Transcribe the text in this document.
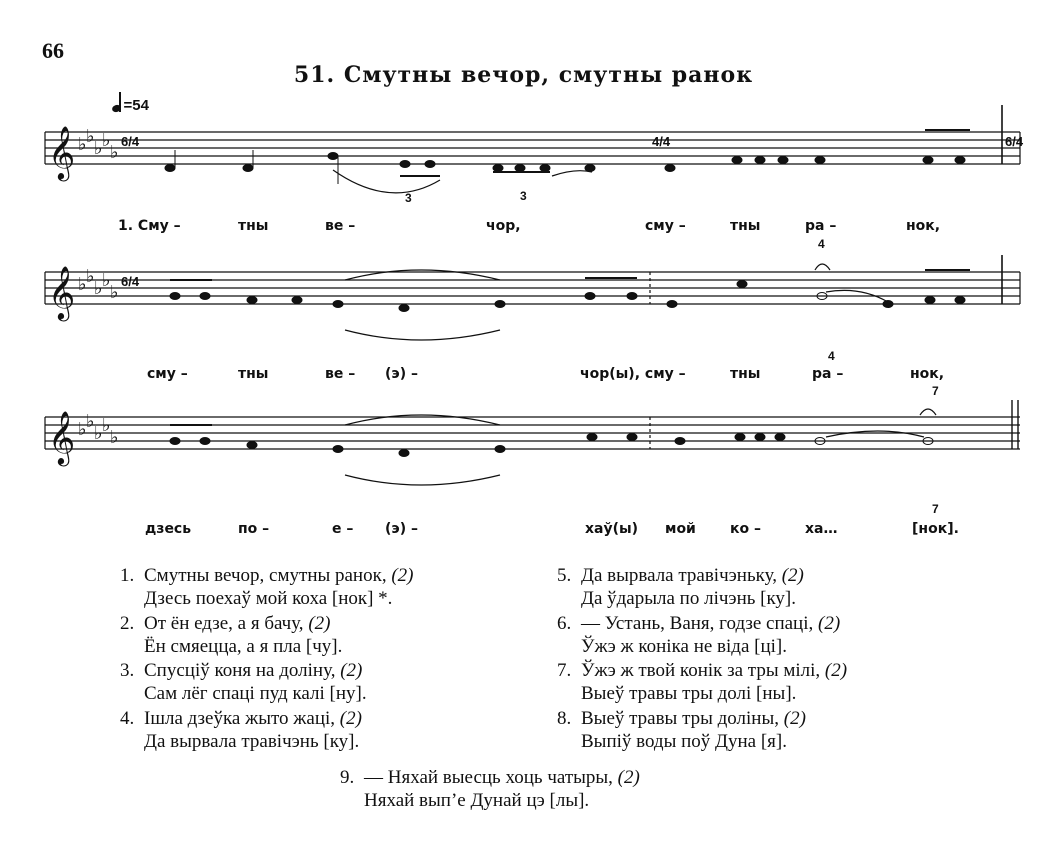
66
51. Смутны вечор, смутны ранок
=54
𝄞 ♭ ♭
♭ ♭
♭
6/4	4/4	6/4
3	3
𝄞 ♭ ♭
♭ ♭
♭
6/4
4
4
𝄞 ♭ ♭
♭ ♭
♭
7
7
1. Сму –	тны	ве –	чор,	сму –	тны	ра –	нок,
сму –	тны	ве – (э) –	чор(ы), сму –	тны	ра –	нок,
дзесь	по –	е – (э) –	хаў(ы) мой ко –	ха…	[нок].
1. Смутны вечор, смутны ранок, (2)
Дзесь поехаў мой коха [нок] *.
2. От ён едзе, а я бачу, (2)
Ён смяецца, а я пла [чу].
3. Спусціў коня на доліну, (2)
Сам лёг спаці пуд калі [ну].
4. Ішла дзеўка жыто жаці, (2)
Да вырвала травічэнь [ку].
5. Да вырвала травічэньку, (2)
Да ўдарыла по лічэнь [ку].
6. — Устань, Ваня, годзе спаці, (2)
Ўжэ ж коніка не віда [ці].
7. Ўжэ ж твой конік за тры мілі, (2)
Выеў травы тры долі [ны].
8. Выеў травы тры доліны, (2)
Выпіў воды поў Дуна [я].
9. — Няхай выесць хоць чатыры, (2)
Няхай вып’е Дунай цэ [лы].
